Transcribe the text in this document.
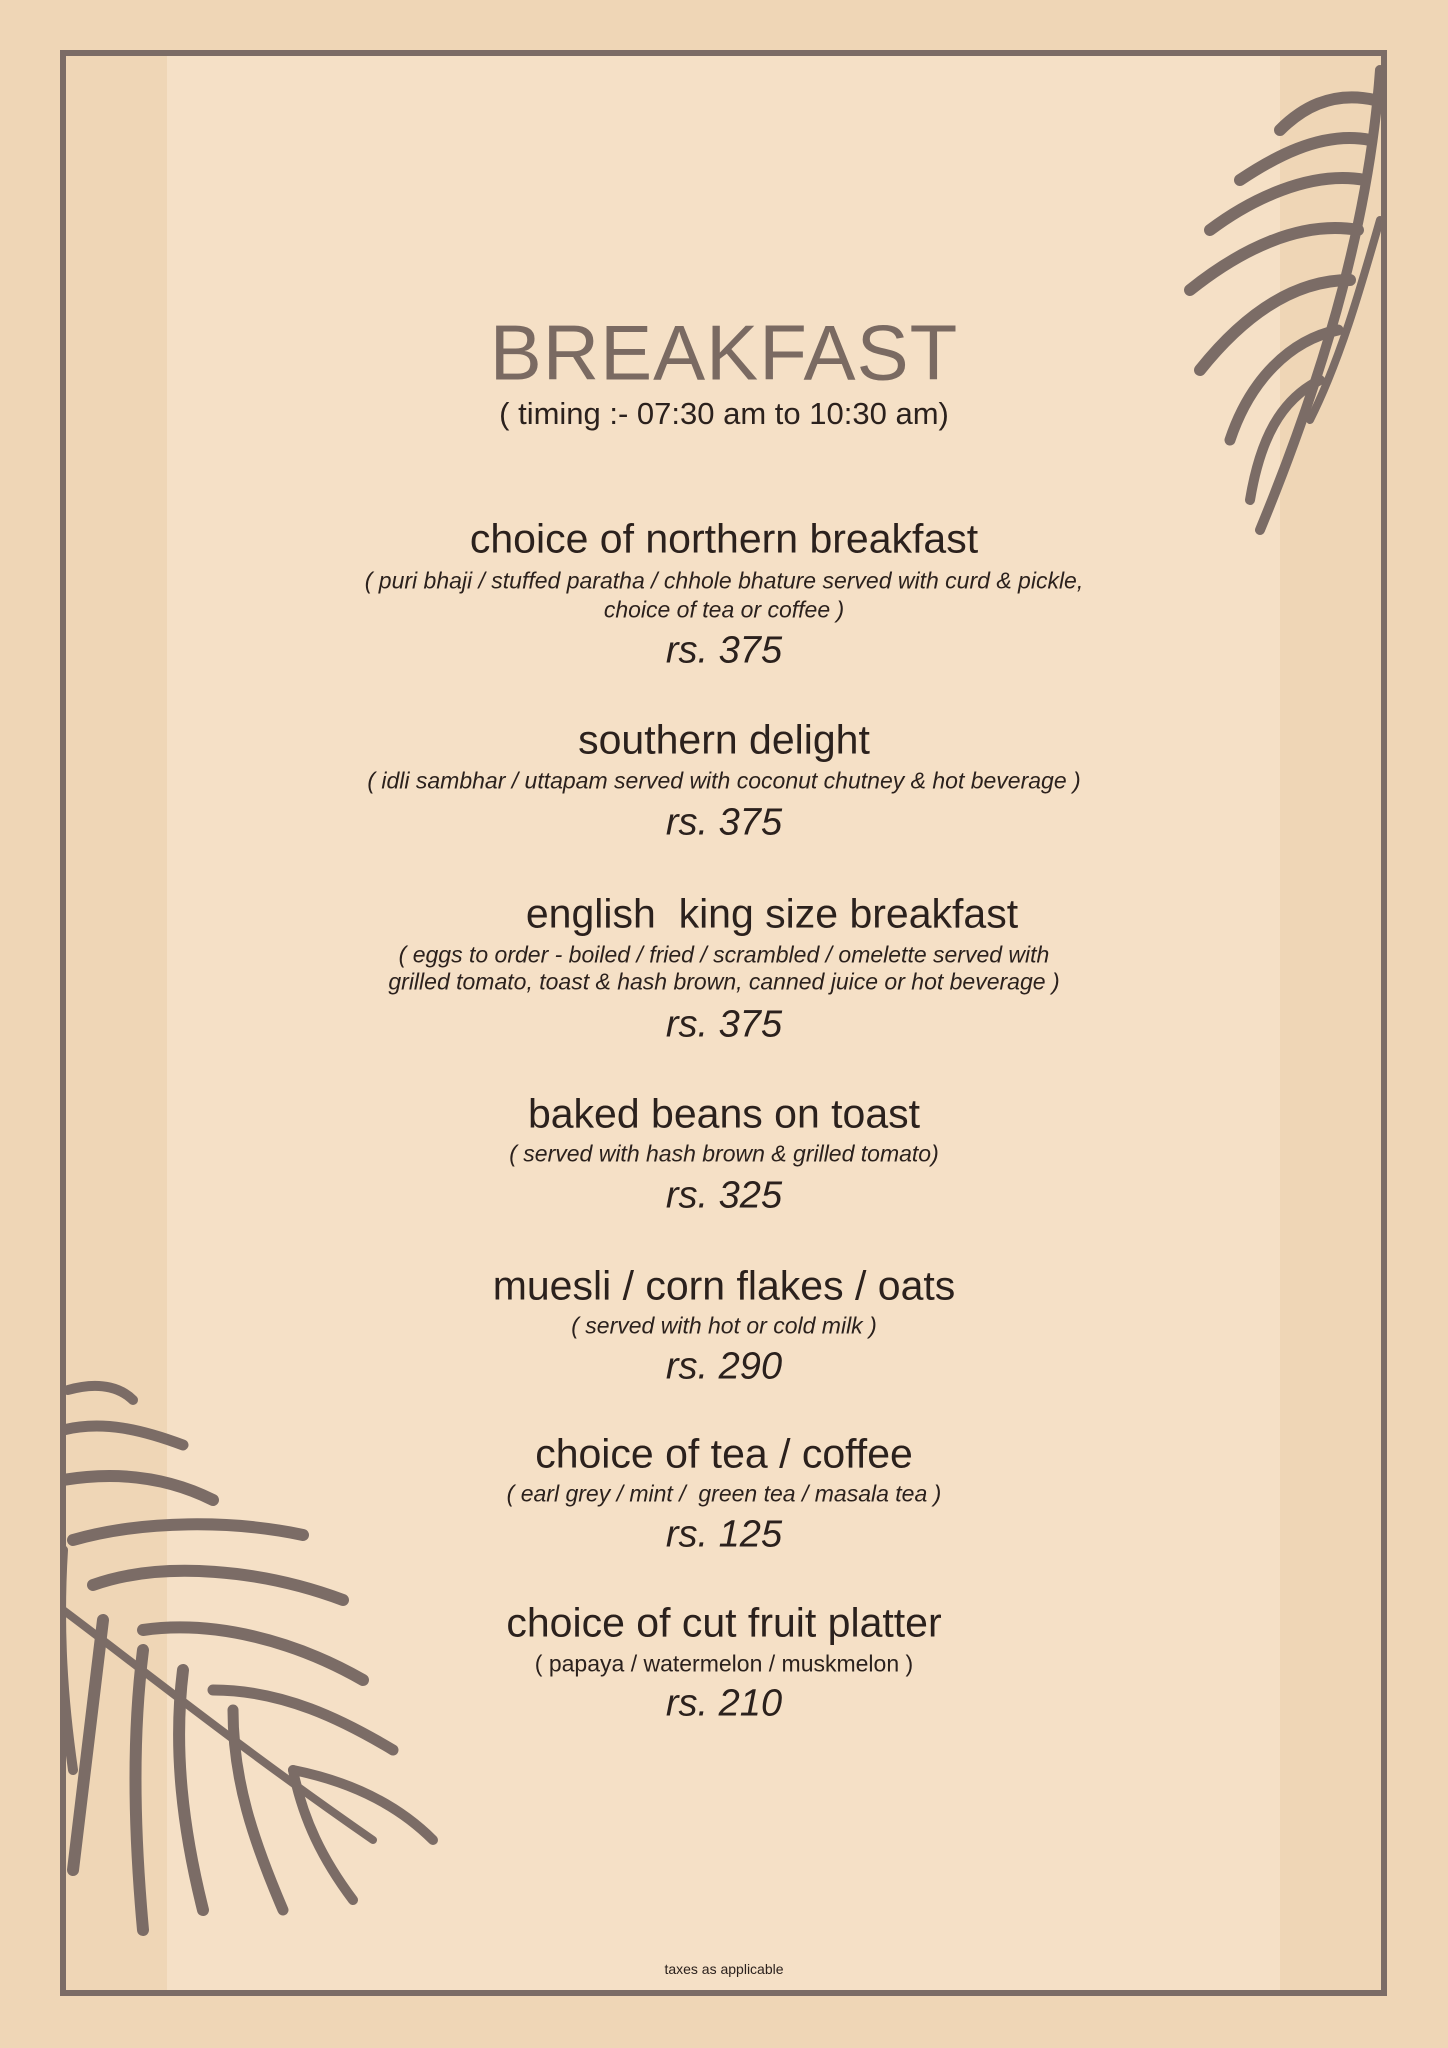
BREAKFAST
( timing :- 07:30 am to 10:30 am)
choice of northern breakfast
( puri bhaji / stuffed paratha / chhole bhature served with curd & pickle,
choice of tea or coffee )
rs. 375
southern delight
( idli sambhar / uttapam served with coconut chutney & hot beverage )
rs. 375
english  king size breakfast
( eggs to order - boiled / fried / scrambled / omelette served with
grilled tomato, toast & hash brown, canned juice or hot beverage )
rs. 375
baked beans on toast
( served with hash brown & grilled tomato)
rs. 325
muesli / corn flakes / oats
( served with hot or cold milk )
rs. 290
choice of tea / coffee
( earl grey / mint /  green tea / masala tea )
rs. 125
choice of cut fruit platter
( papaya / watermelon / muskmelon )
rs. 210
taxes as applicable
